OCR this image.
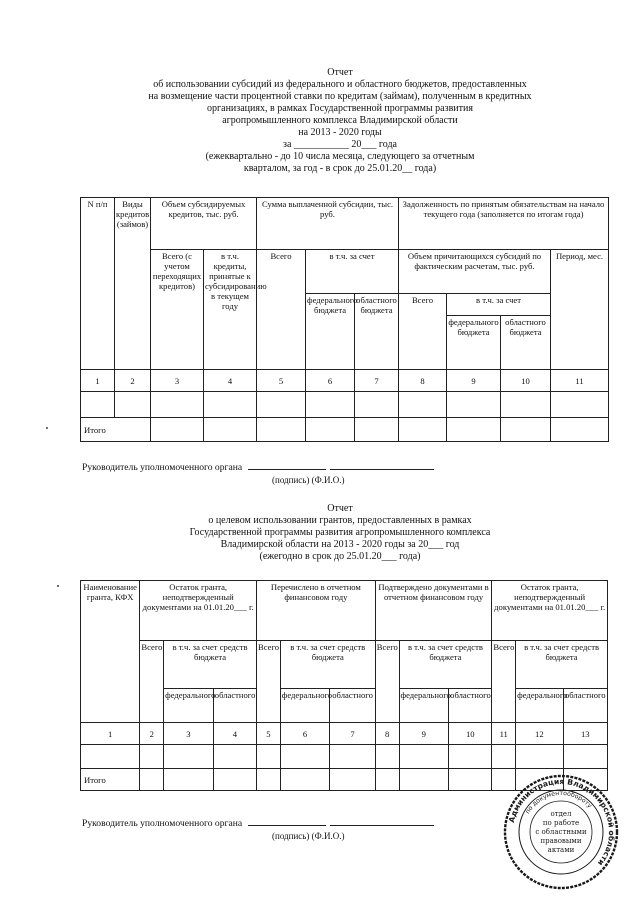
Отчет
об использовании субсидий из федерального и областного бюджетов, предоставленных
на возмещение части процентной ставки по кредитам (займам), полученным в кредитных
организациях, в рамках Государственной программы развития
агропромышленного комплекса Владимирской области
на 2013 - 2020 годы
за ___________ 20___ года
(ежеквартально - до 10 числа месяца, следующего за отчетным
кварталом, за год - в срок до 25.01.20__ года)
N п/п	Виды кредитов (займов)	Объем субсидируемых кредитов, тыс. руб.		Сумма выплаченной субсидии, тыс. руб.			Задолженность по принятым обязательствам на начало текущего года (заполняется по итогам года)			
		Всего (с учетом переходящих кредитов)	в т.ч. кредиты, принятые к субсидированию в текущем году	Всего	в т.ч. за счет		Объем причитающихся субсидий по фактическим расчетам, тыс. руб.			Период, мес.
					федерального бюджета	областного бюджета	Всего	в т.ч. за счет		
								федерального бюджета	областного бюджета	
1	2	3	4	5	6	7	8	9	10	11

Итого										
Руководитель уполномоченного органа
(подпись) (Ф.И.О.)
Отчет
о целевом использовании грантов, предоставленных в рамках
Государственной программы развития агропромышленного комплекса
Владимирской области на 2013 - 2020 годы за 20___ год
(ежегодно в срок до 25.01.20___ года)
Наименование гранта, КФХ	Остаток гранта, неподтвержденный документами на 01.01.20___ г.			Перечислено в отчетном финансовом году			Подтверждено документами в отчетном финансовом году			Остаток гранта, неподтвержденный документами на 01.01.20___ г.		
	Всего	в т.ч. за счет средств бюджета		Всего	в т.ч. за счет средств бюджета		Всего	в т.ч. за счет средств бюджета		Всего	в т.ч. за счет средств бюджета	
		федерального	областного		федерального	областного		федерального	областного		федерального	областного
1	2	3	4	5	6	7	8	9	10	11	12	13

Итого												
Руководитель уполномоченного органа
(подпись) (Ф.И.О.)
Администрация Владимирской области
по документообороту
отдел
по работе
с областными
правовыми
актами
